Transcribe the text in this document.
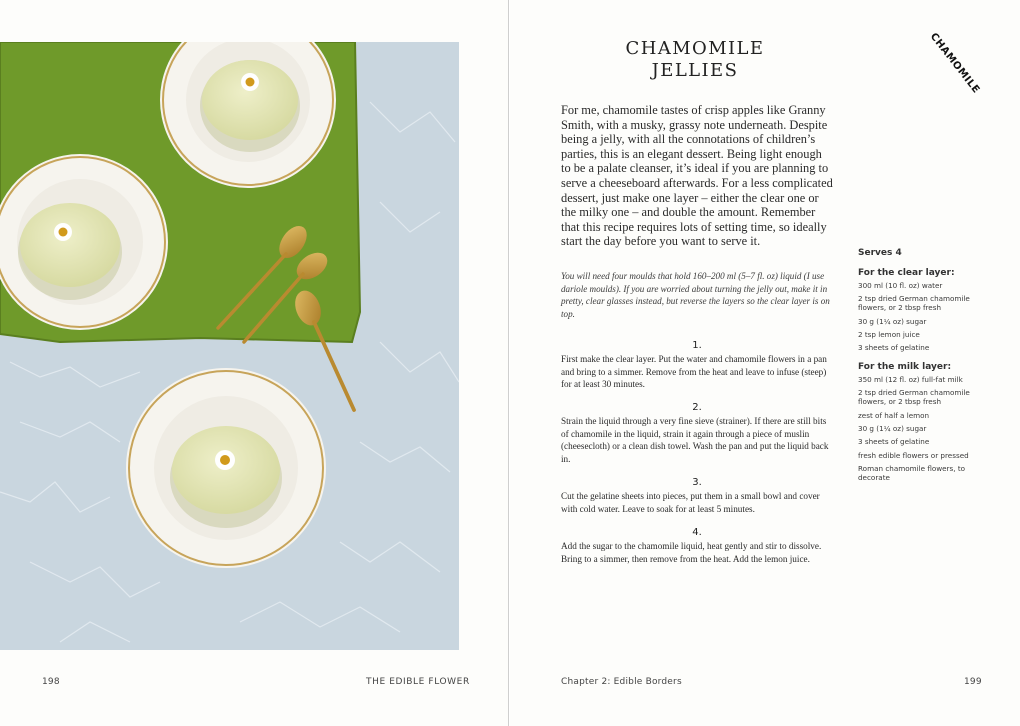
198	THE EDIBLE FLOWER
CHAMOMILE
JELLIES	CHAMOMILE

For me, chamomile tastes of crisp apples like Granny Smith, with a musky, grassy note underneath. Despite being a jelly, with all the connotations of children’s parties, this is an elegant dessert. Being light enough to be a palate cleanser, it’s ideal if you are planning to serve a cheeseboard afterwards. For a less complicated dessert, just make one layer – either the clear one or the milky one – and double the amount. Remember that this recipe requires lots of setting time, so ideally start the day before you want to serve it.

You will need four moulds that hold 160–200 ml (5–7 fl. oz) liquid (I use dariole moulds). If you are worried about turning the jelly out, make it in pretty, clear glasses instead, but reverse the layers so the clear layer is on top.

1.

First make the clear layer. Put the water and chamomile flowers in a pan and bring to a simmer. Remove from the heat and leave to infuse (steep) for at least 30 minutes.

2.

Strain the liquid through a very fine sieve (strainer). If there are still bits of chamomile in the liquid, strain it again through a piece of muslin (cheesecloth) or a clean dish towel. Wash the pan and put the liquid back in.

3.

Cut the gelatine sheets into pieces, put them in a small bowl and cover with cold water. Leave to soak for at least 5 minutes.

4.

Add the sugar to the chamomile liquid, heat gently and stir to dissolve. Bring to a simmer, then remove from the heat. Add the lemon juice.

Serves 4

For the clear layer:

300 ml (10 fl. oz) water
2 tsp dried German chamomile flowers, or 2 tbsp fresh
30 g (1¼ oz) sugar
2 tsp lemon juice
3 sheets of gelatine

For the milk layer:

350 ml (12 fl. oz) full-fat milk
2 tsp dried German chamomile flowers, or 2 tbsp fresh
zest of half a lemon
30 g (1¼ oz) sugar
3 sheets of gelatine
fresh edible flowers or pressed
Roman chamomile flowers, to decorate
Chapter 2: Edible Borders	199
